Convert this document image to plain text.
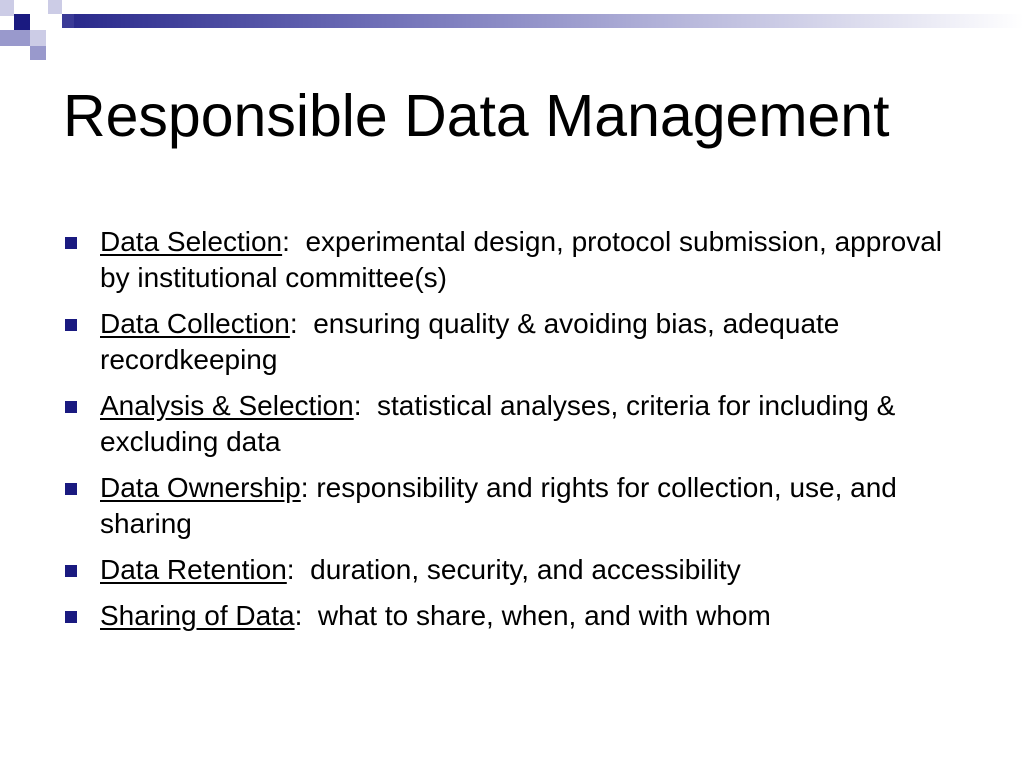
Responsible Data Management
Data Selection:  experimental design, protocol submission, approval by institutional committee(s)
Data Collection:  ensuring quality & avoiding bias, adequate recordkeeping
Analysis & Selection:  statistical analyses, criteria for including & excluding data
Data Ownership: responsibility and rights for collection, use, and sharing
Data Retention:  duration, security, and accessibility
Sharing of Data:  what to share, when, and with whom
